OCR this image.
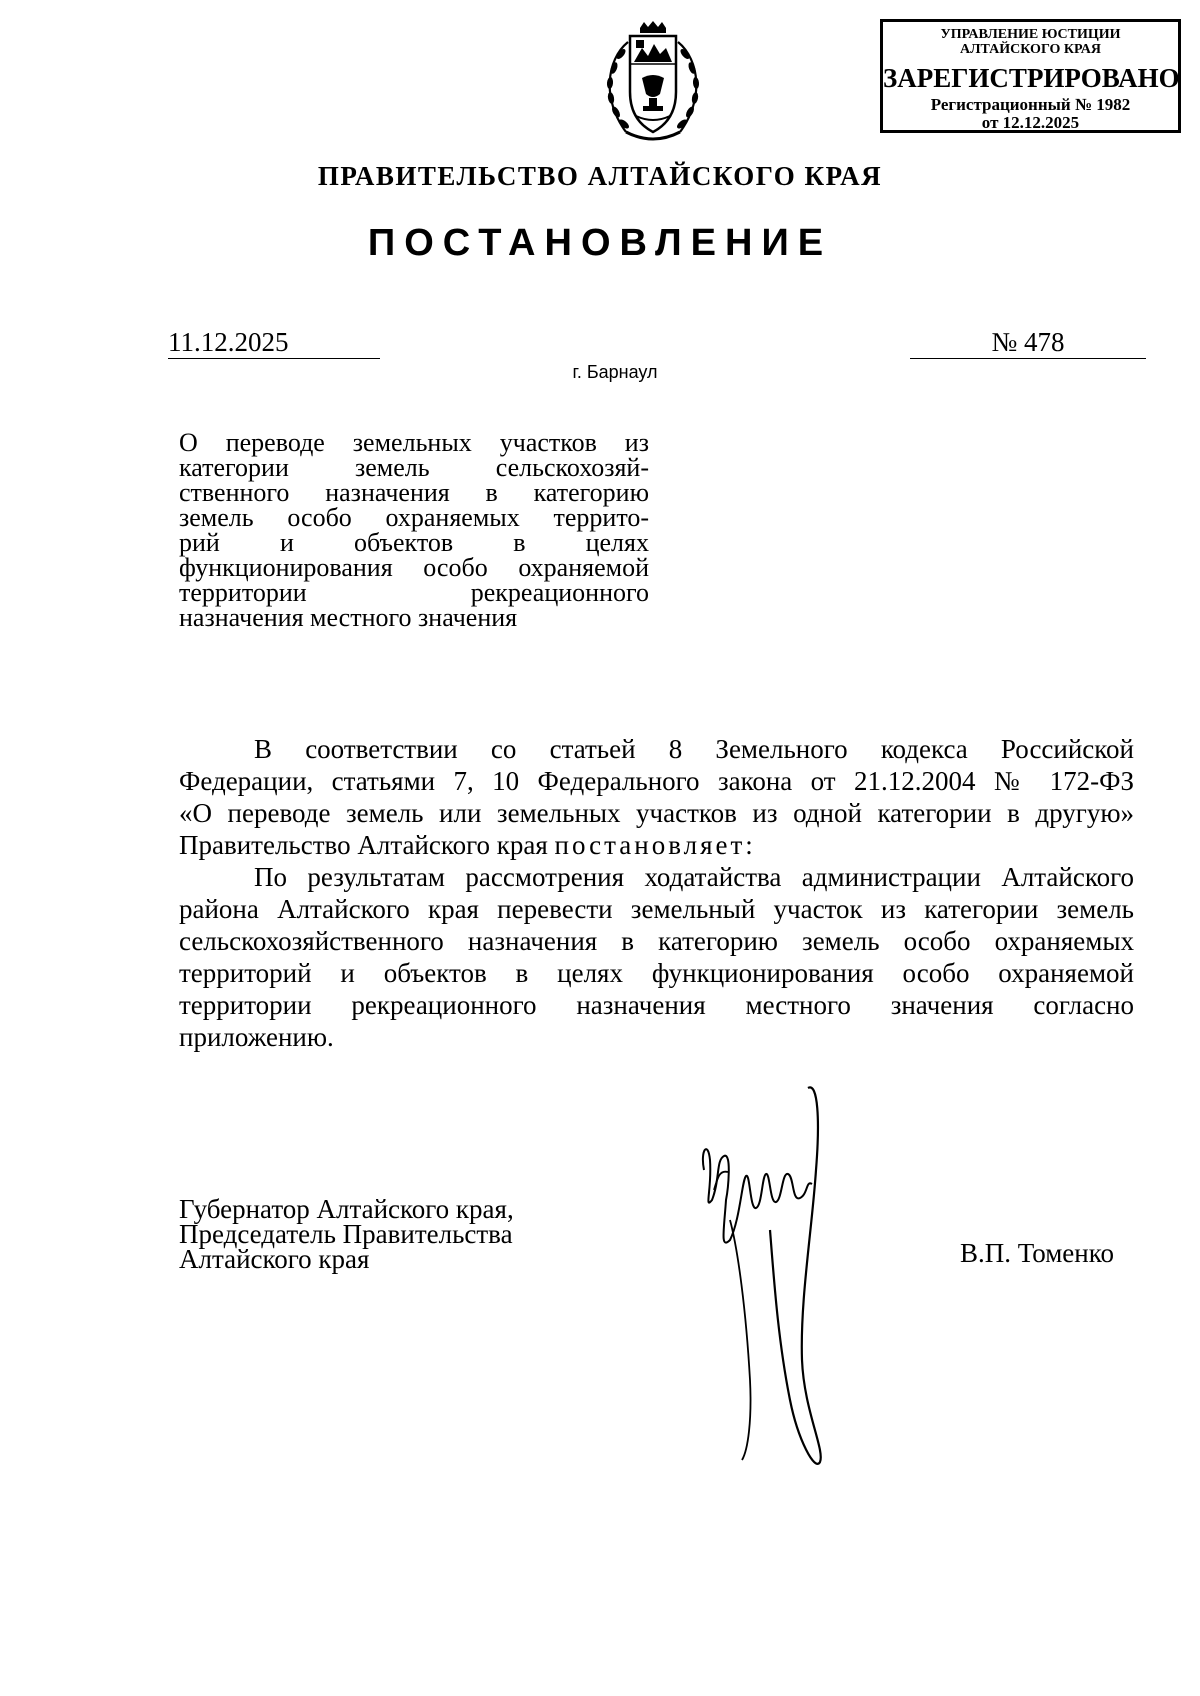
УПРАВЛЕНИЕ ЮСТИЦИИ
АЛТАЙСКОГО КРАЯ
ЗАРЕГИСТРИРОВАНО
Регистрационный № 1982
от 12.12.2025
ПРАВИТЕЛЬСТВО АЛТАЙСКОГО КРАЯ
ПОСТАНОВЛЕНИЕ
11.12.2025	№ 478
г. Барнаул
О переводе земельных участков из
категории земель сельскохозяй-
ственного назначения в категорию
земель особо охраняемых террито-
рий и объектов в целях
функционирования особо охраняемой
территории рекреационного
назначения местного значения
В соответствии со статьей 8 Земельного кодекса Российской
Федерации, статьями 7, 10 Федерального закона от 21.12.2004 № 172-ФЗ
«О переводе земель или земельных участков из одной категории в другую»
Правительство Алтайского края постановляет:
По результатам рассмотрения ходатайства администрации Алтайского
района Алтайского края перевести земельный участок из категории земель
сельскохозяйственного назначения в категорию земель особо охраняемых
территорий и объектов в целях функционирования особо охраняемой
территории рекреационного назначения местного значения согласно
приложению.
Губернатор Алтайского края,
Председатель Правительства
Алтайского края	В.П. Томенко
